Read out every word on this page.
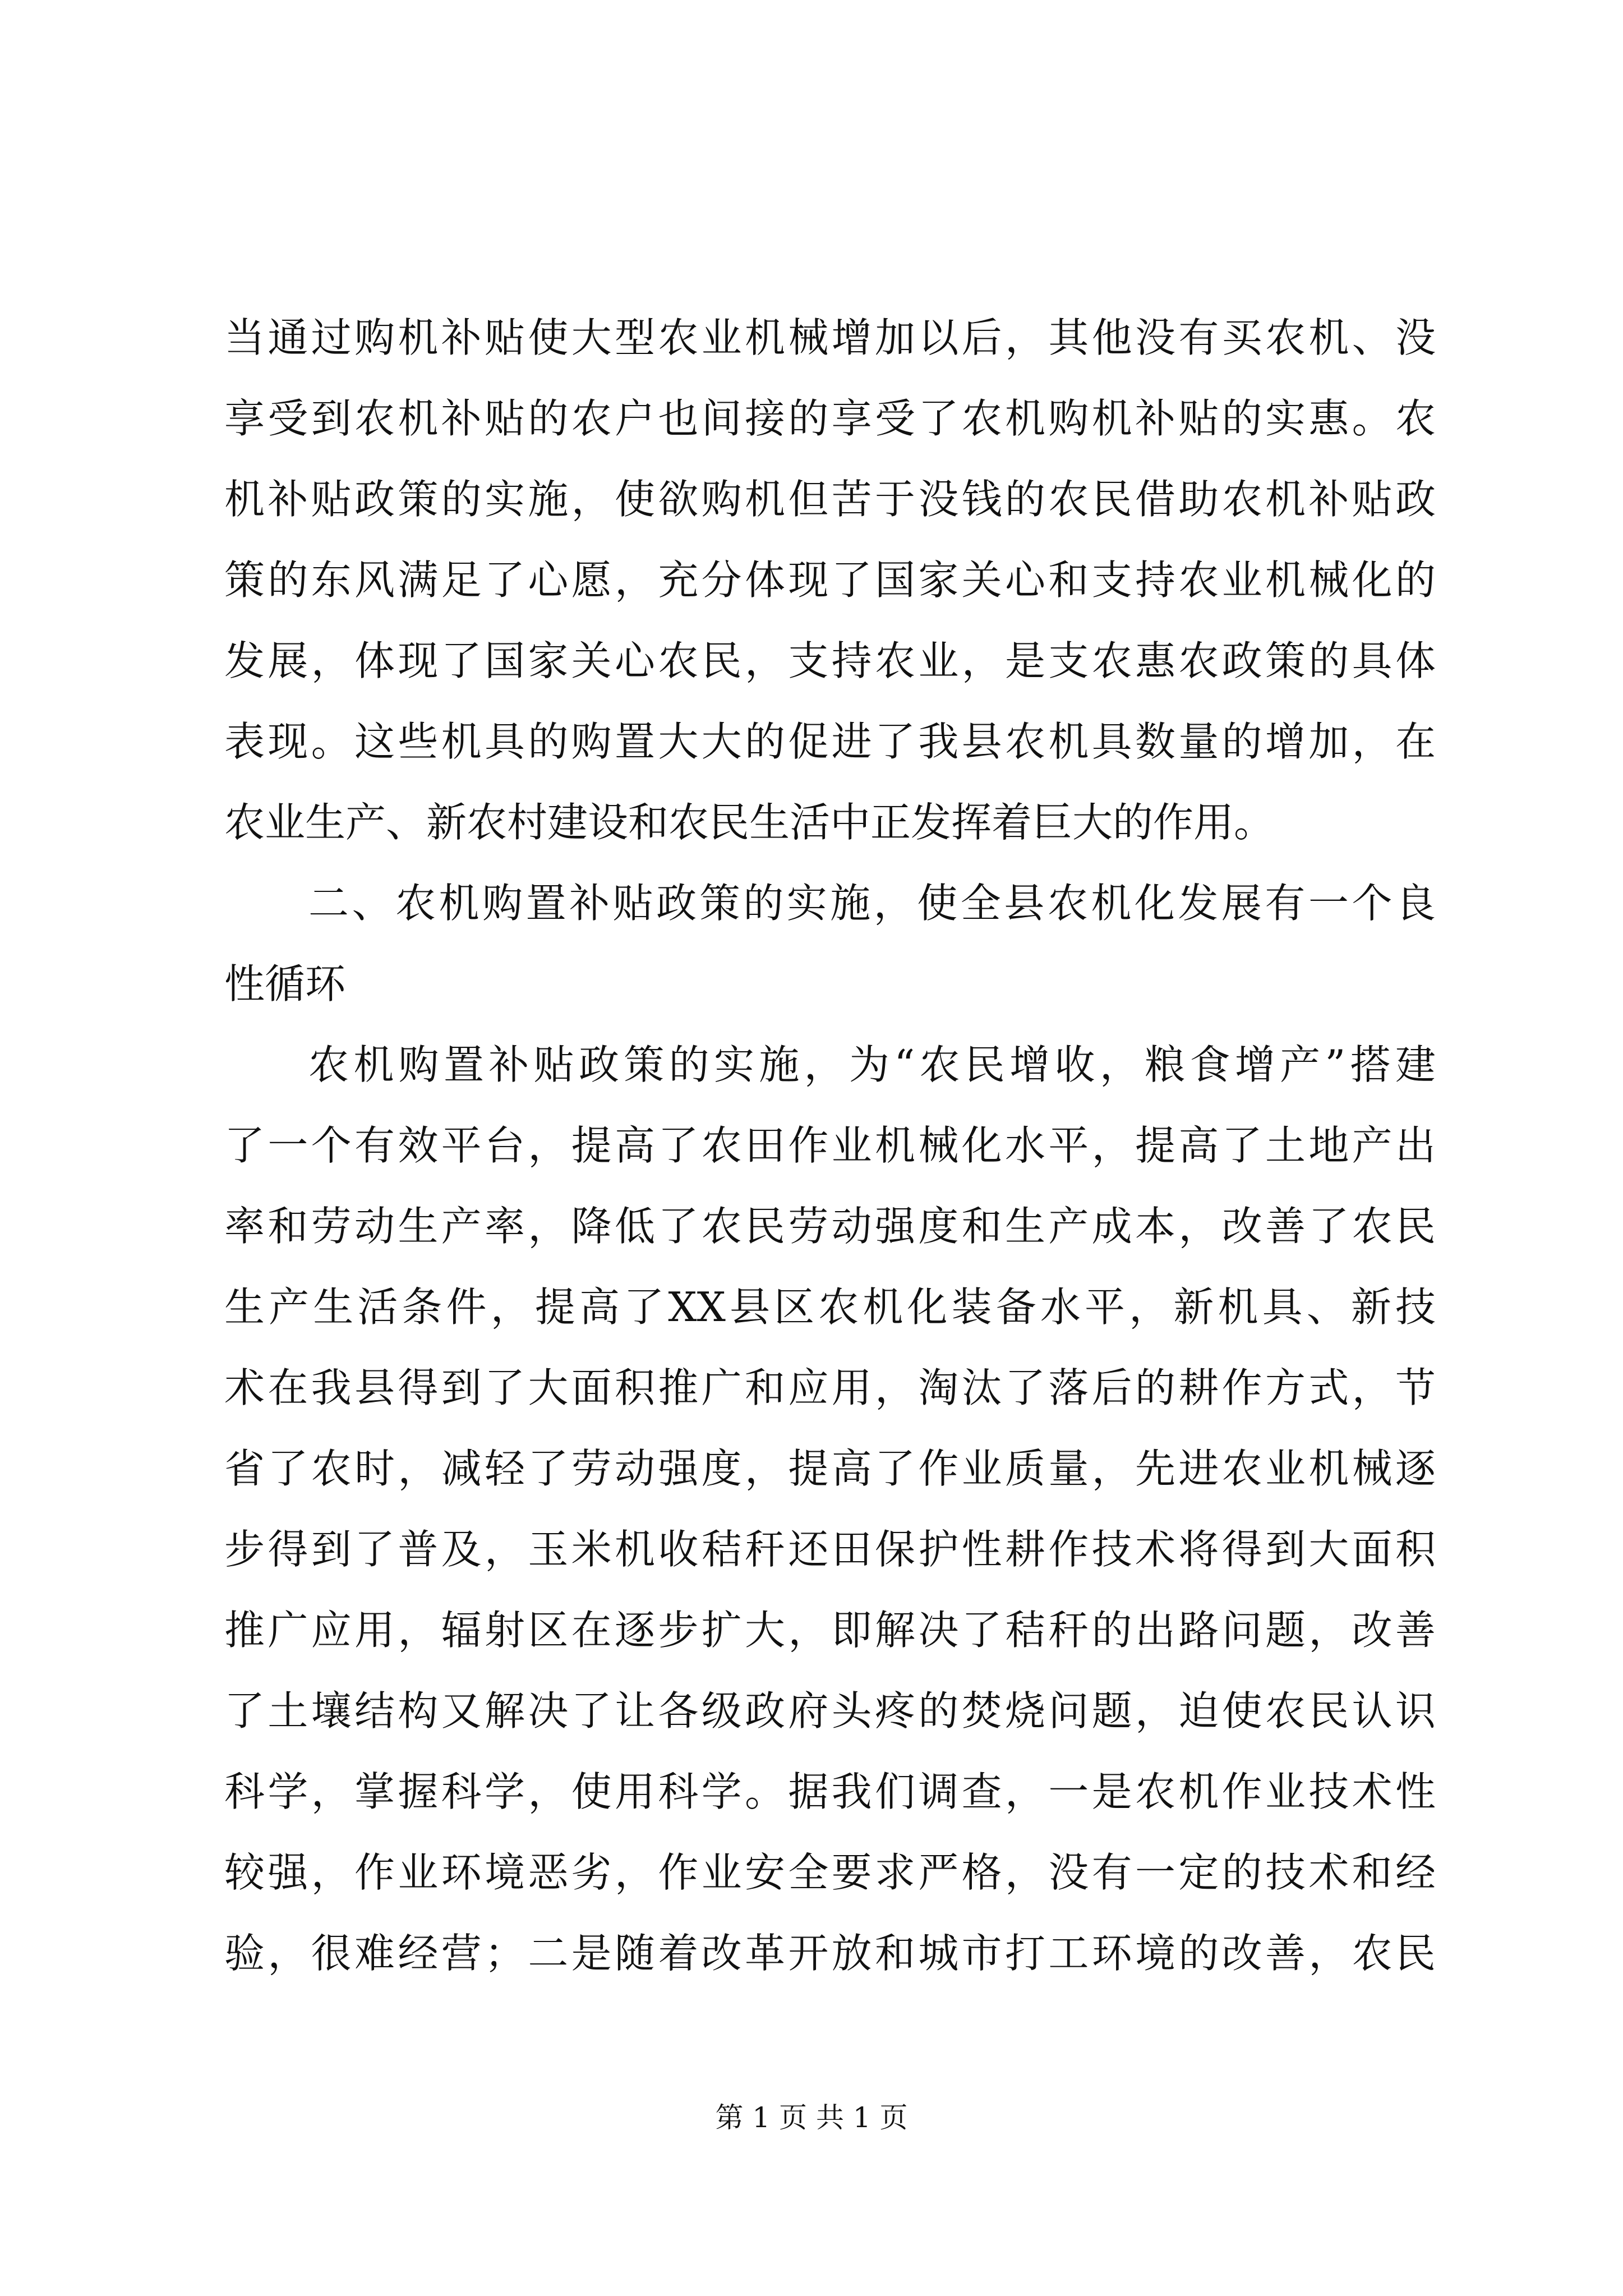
当通过购机补贴使大型农业机械增加以后，其他没有买农机、没
享受到农机补贴的农户也间接的享受了农机购机补贴的实惠。农
机补贴政策的实施，使欲购机但苦于没钱的农民借助农机补贴政
策的东风满足了心愿，充分体现了国家关心和支持农业机械化的
发展，体现了国家关心农民，支持农业，是支农惠农政策的具体
表现。这些机具的购置大大的促进了我县农机具数量的增加，在
农业生产、新农村建设和农民生活中正发挥着巨大的作用。
二、农机购置补贴政策的实施，使全县农机化发展有一个良
性循环
农机购置补贴政策的实施，为“农民增收，粮食增产”搭建
了一个有效平台，提高了农田作业机械化水平，提高了土地产出
率和劳动生产率，降低了农民劳动强度和生产成本，改善了农民
生产生活条件，提高了XX县区农机化装备水平，新机具、新技
术在我县得到了大面积推广和应用，淘汰了落后的耕作方式，节
省了农时，减轻了劳动强度，提高了作业质量，先进农业机械逐
步得到了普及，玉米机收秸秆还田保护性耕作技术将得到大面积
推广应用，辐射区在逐步扩大，即解决了秸秆的出路问题，改善
了土壤结构又解决了让各级政府头疼的焚烧问题，迫使农民认识
科学，掌握科学，使用科学。据我们调查，一是农机作业技术性
较强，作业环境恶劣，作业安全要求严格，没有一定的技术和经
验，很难经营；二是随着改革开放和城市打工环境的改善，农民
第 1 页 共 1 页
